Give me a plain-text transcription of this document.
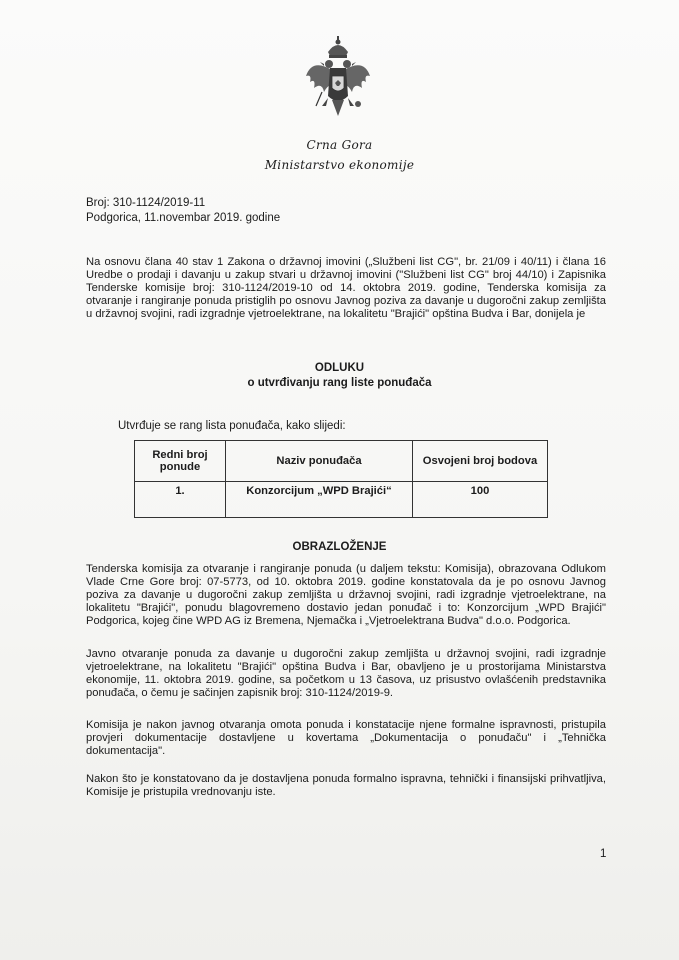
Crna Gora
Ministarstvo ekonomije
Broj: 310-1124/2019-11
Podgorica, 11.novembar 2019. godine

Na osnovu člana 40 stav 1 Zakona o državnoj imovini („Službeni list CG", br. 21/09 i 40/11) i člana 16 Uredbe o prodaji i davanju u zakup stvari u državnoj imovini ("Službeni list CG" broj 44/10) i Zapisnika Tenderske komisije broj: 310-1124/2019-10 od 14. oktobra 2019. godine, Tenderska komisija za otvaranje i rangiranje ponuda pristiglih po osnovu Javnog poziva za davanje u dugoročni zakup zemljišta u državnoj svojini, radi izgradnje vjetroelektrane, na lokalitetu "Brajići" opština Budva i Bar, donijela je

ODLUKU
o utvrđivanju rang liste ponuđača
Utvrđuje se rang lista ponuđača, kako slijedi:
Redni broj ponude	Naziv ponuđača	Osvojeni broj bodova
1.	Konzorcijum „WPD Brajići“	100
OBRAZLOŽENJE

Tenderska komisija za otvaranje i rangiranje ponuda (u daljem tekstu: Komisija), obrazovana Odlukom Vlade Crne Gore broj: 07-5773, od 10. oktobra 2019. godine konstatovala da je po osnovu Javnog poziva za davanje u dugoročni zakup zemljišta u državnoj svojini, radi izgradnje vjetroelektrane, na lokalitetu "Brajići", ponudu blagovremeno dostavio jedan ponuđač i to: Konzorcijum „WPD Brajići" Podgorica, kojeg čine WPD AG iz Bremena, Njemačka i „Vjetroelektrana Budva" d.o.o. Podgorica.

Javno otvaranje ponuda za davanje u dugoročni zakup zemljišta u državnoj svojini, radi izgradnje vjetroelektrane, na lokalitetu "Brajići" opština Budva i Bar, obavljeno je u prostorijama Ministarstva ekonomije, 11. oktobra 2019. godine, sa početkom u 13 časova, uz prisustvo ovlašćenih predstavnika ponuđača, o čemu je sačinjen zapisnik broj: 310-1124/2019-9.

Komisija je nakon javnog otvaranja omota ponuda i konstatacije njene formalne ispravnosti, pristupila provjeri dokumentacije dostavljene u kovertama „Dokumentacija o ponuđaču" i „Tehnička dokumentacija".

Nakon što je konstatovano da je dostavljena ponuda formalno ispravna, tehnički i finansijski prihvatljiva, Komisije je pristupila vrednovanju iste.

1
